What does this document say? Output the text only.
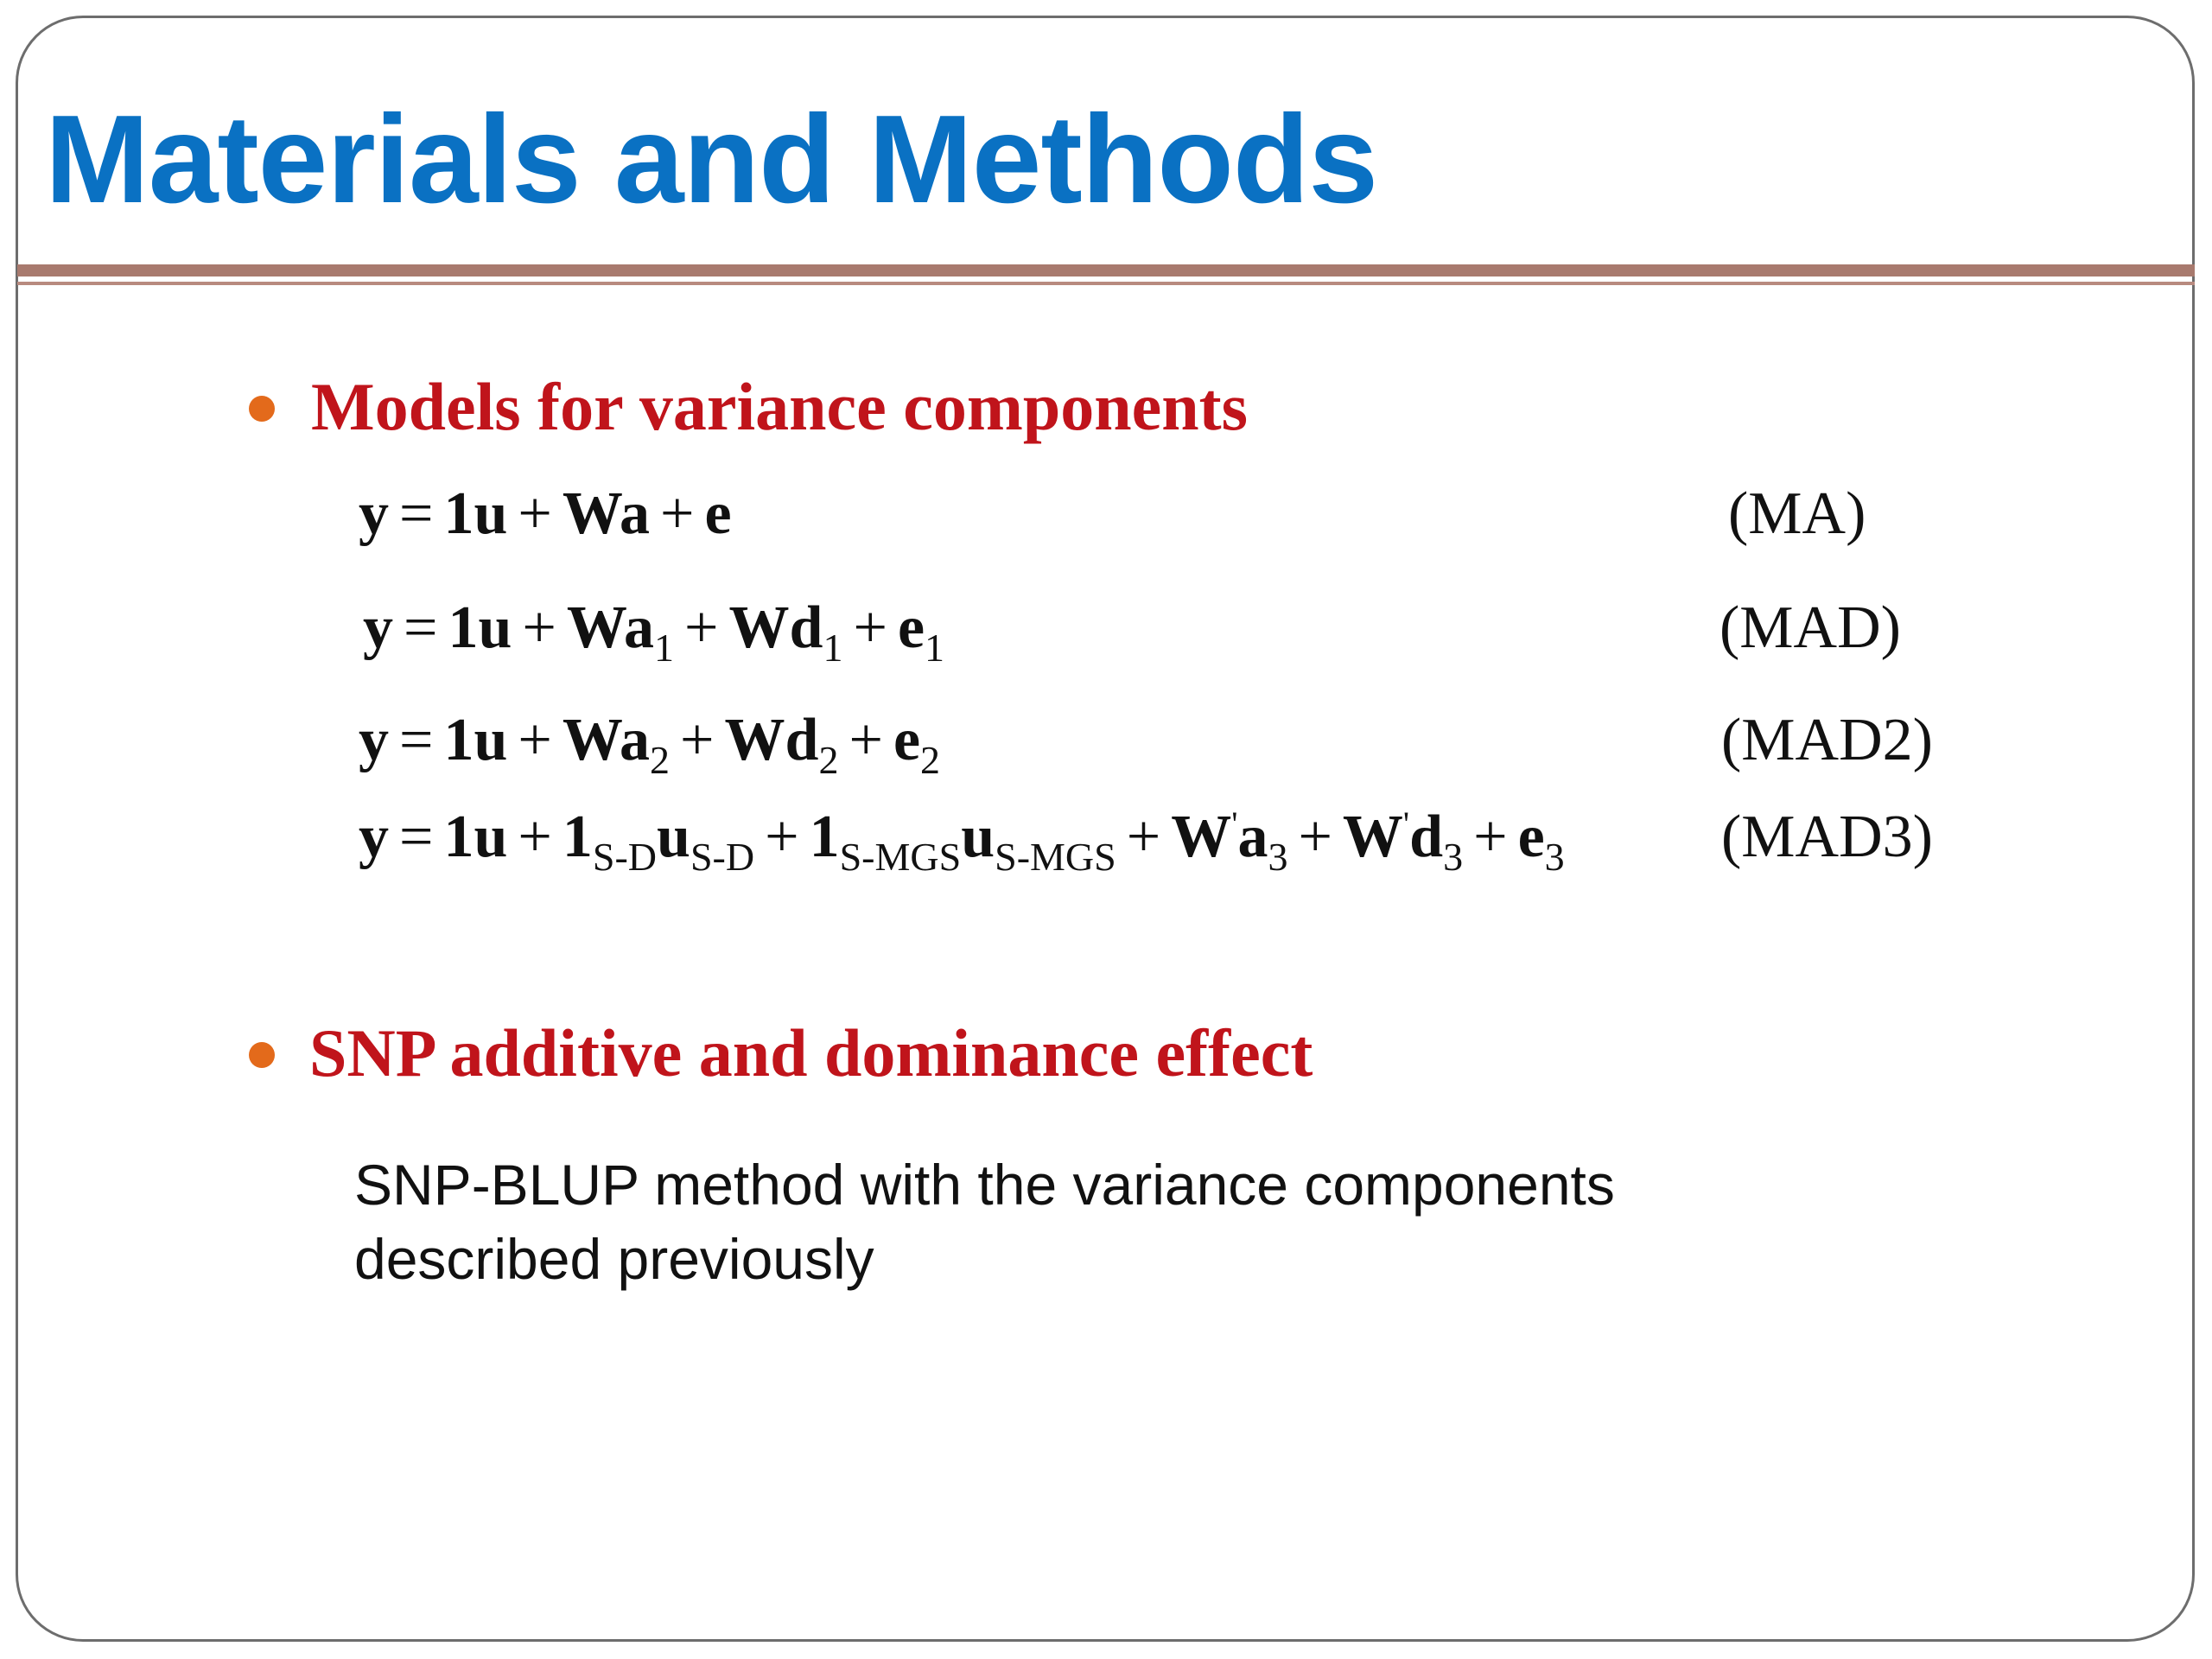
Materials and Methods
Models for variance components
y = 1u + Wa + e	(MA)
$y = 1u + Wa_1 + Wd_1 + e_1$	(MAD)
$y = 1u + Wa_2 + Wd_2 + e_2$	(MAD2)
$y = 1u + 1_{S-D}u_{S-D} + 1_{S-MGS}u_{S-MGS} + W'a_3 + W'd_3 + e_3$	(MAD3)
SNP additive and dominance effect
SNP-BLUP method with the variance components
described previously
